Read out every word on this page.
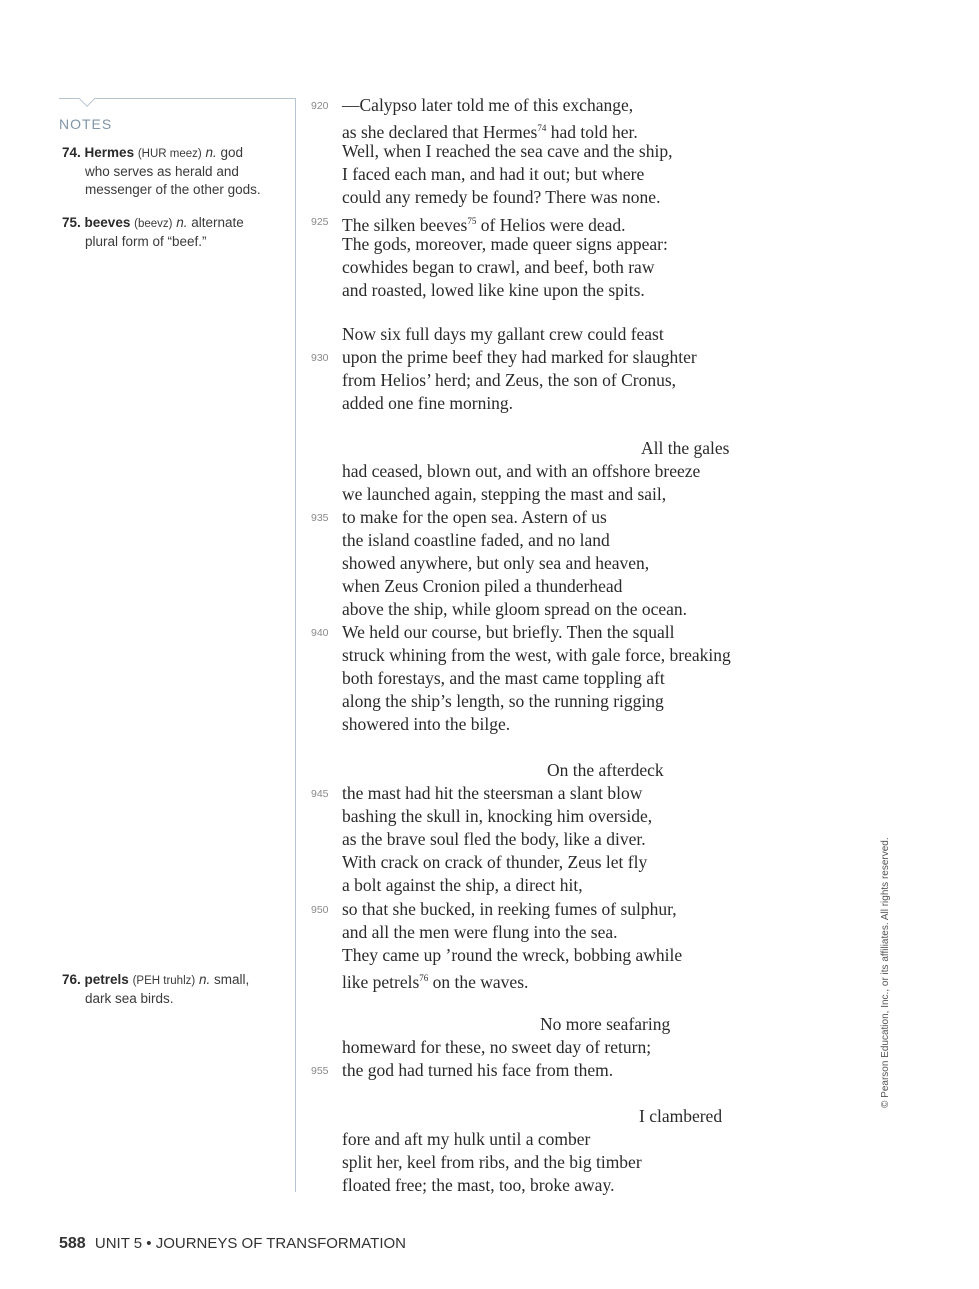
NOTES
74. Hermes (HUR meez) n. god
who serves as herald and messenger of the other gods.
75. beeves (beevz) n. alternate
plural form of “beef.”
76. petrels (PEH truhlz) n. small,
dark sea birds.
920
925
930
935
940
945
950
955
—Calypso later told me of this exchange,
as she declared that Hermes$^{74}$ had told her.
Well, when I reached the sea cave and the ship,
I faced each man, and had it out; but where
could any remedy be found? There was none.
The silken beeves$^{75}$ of Helios were dead.
The gods, moreover, made queer signs appear:
cowhides began to crawl, and beef, both raw
and roasted, lowed like kine upon the spits.
Now six full days my gallant crew could feast
upon the prime beef they had marked for slaughter
from Helios’ herd; and Zeus, the son of Cronus,
added one fine morning.
All the gales
had ceased, blown out, and with an offshore breeze
we launched again, stepping the mast and sail,
to make for the open sea. Astern of us
the island coastline faded, and no land
showed anywhere, but only sea and heaven,
when Zeus Cronion piled a thunderhead
above the ship, while gloom spread on the ocean.
We held our course, but briefly. Then the squall
struck whining from the west, with gale force, breaking
both forestays, and the mast came toppling aft
along the ship’s length, so the running rigging
showered into the bilge.
On the afterdeck
the mast had hit the steersman a slant blow
bashing the skull in, knocking him overside,
as the brave soul fled the body, like a diver.
With crack on crack of thunder, Zeus let fly
a bolt against the ship, a direct hit,
so that she bucked, in reeking fumes of sulphur,
and all the men were flung into the sea.
They came up ’round the wreck, bobbing awhile
like petrels$^{76}$ on the waves.
No more seafaring
homeward for these, no sweet day of return;
the god had turned his face from them.
I clambered
fore and aft my hulk until a comber
split her, keel from ribs, and the big timber
floated free; the mast, too, broke away.
© Pearson Education, Inc., or its affiliates. All rights reserved.
588 UNIT 5 • JOURNEYS OF TRANSFORMATION
